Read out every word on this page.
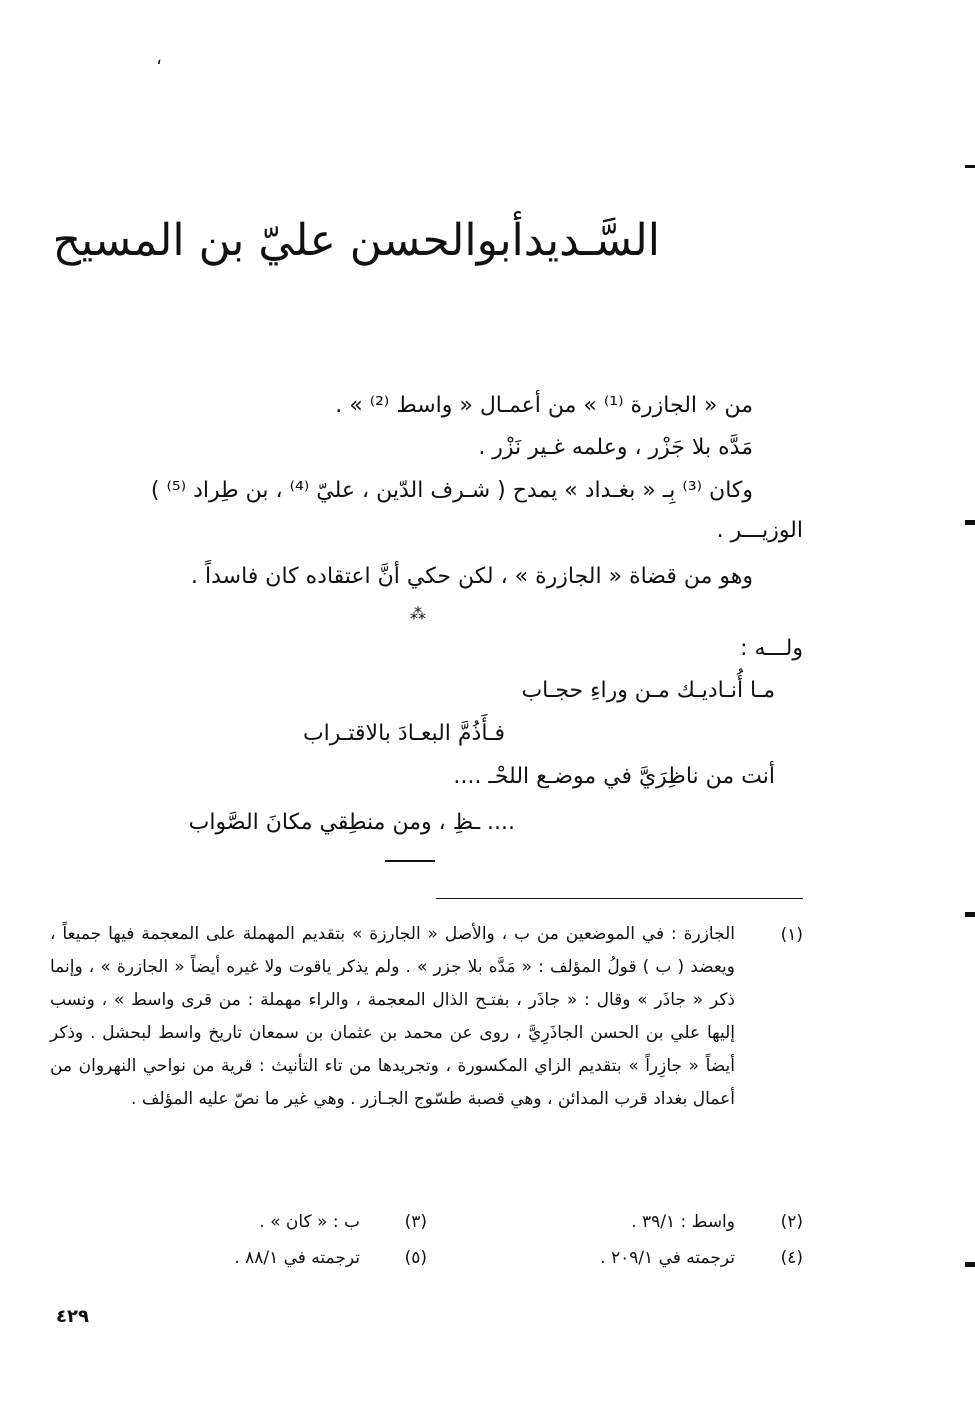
،
السَّـديدأبوالحسن عليّ بن المسيح
من « الجازرة ⁽¹⁾ » من أعمـال « واسط ⁽²⁾ » .
مَدَّه بلا جَزْر ، وعلمه غـير نَزْر .
وكان ⁽³⁾ بِـ « بغـداد » يمدح ( شـرف الدّين ، عليّ ⁽⁴⁾ ، بن طِراد ⁽⁵⁾ )
الوزيـــر .
وهو من قضاة « الجازرة » ، لكن حكي أنَّ اعتقاده كان فاسداً .
⁂
ولـــه :
مـا أُنـاديـك مـن وراءِ حجـاب
فـأَذُمَّ البعـادَ بالاقتـراب
أنت من ناظِرَيَّ في موضـع اللحْـ ....
.... ـظِ ، ومن منطِقي مكانَ الصَّواب
(١)
الجازرة : في الموضعين من ب ، والأصل « الجارزة » بتقديم المهملة على المعجمة فيها جميعاً ، ويعضد ( ب ) قولُ المؤلف : « مَدَّه بلا جزر » . ولم يذكر ياقوت ولا غيره أيضاً « الجازرة » ، وإنما ذكر « جاذَر » وقال : « جاذَر ، بفتـح الذال المعجمة ، والراء مهملة : من قرى واسط » ، ونسب إليها علي بن الحسن الجاذَرِيَّ ، روى عن محمد بن عثمان بن سمعان تاريخ واسط لبحشل . وذكر أيضاً « جازِراً » بتقديم الزاي المكسورة ، وتجريدها من تاء التأنيث : قرية من نواحي النهروان من أعمال بغداد قرب المدائن ، وهي قصبة طسّوج الجـازر . وهي غير ما نصّ عليه المؤلف .
(٢)
واسط : ٣٩/١ .
(٣)
ب : « كان » .
(٤)
ترجمته في ٢٠٩/١ .
(٥)
ترجمته في ٨٨/١ .
٤٢٩
